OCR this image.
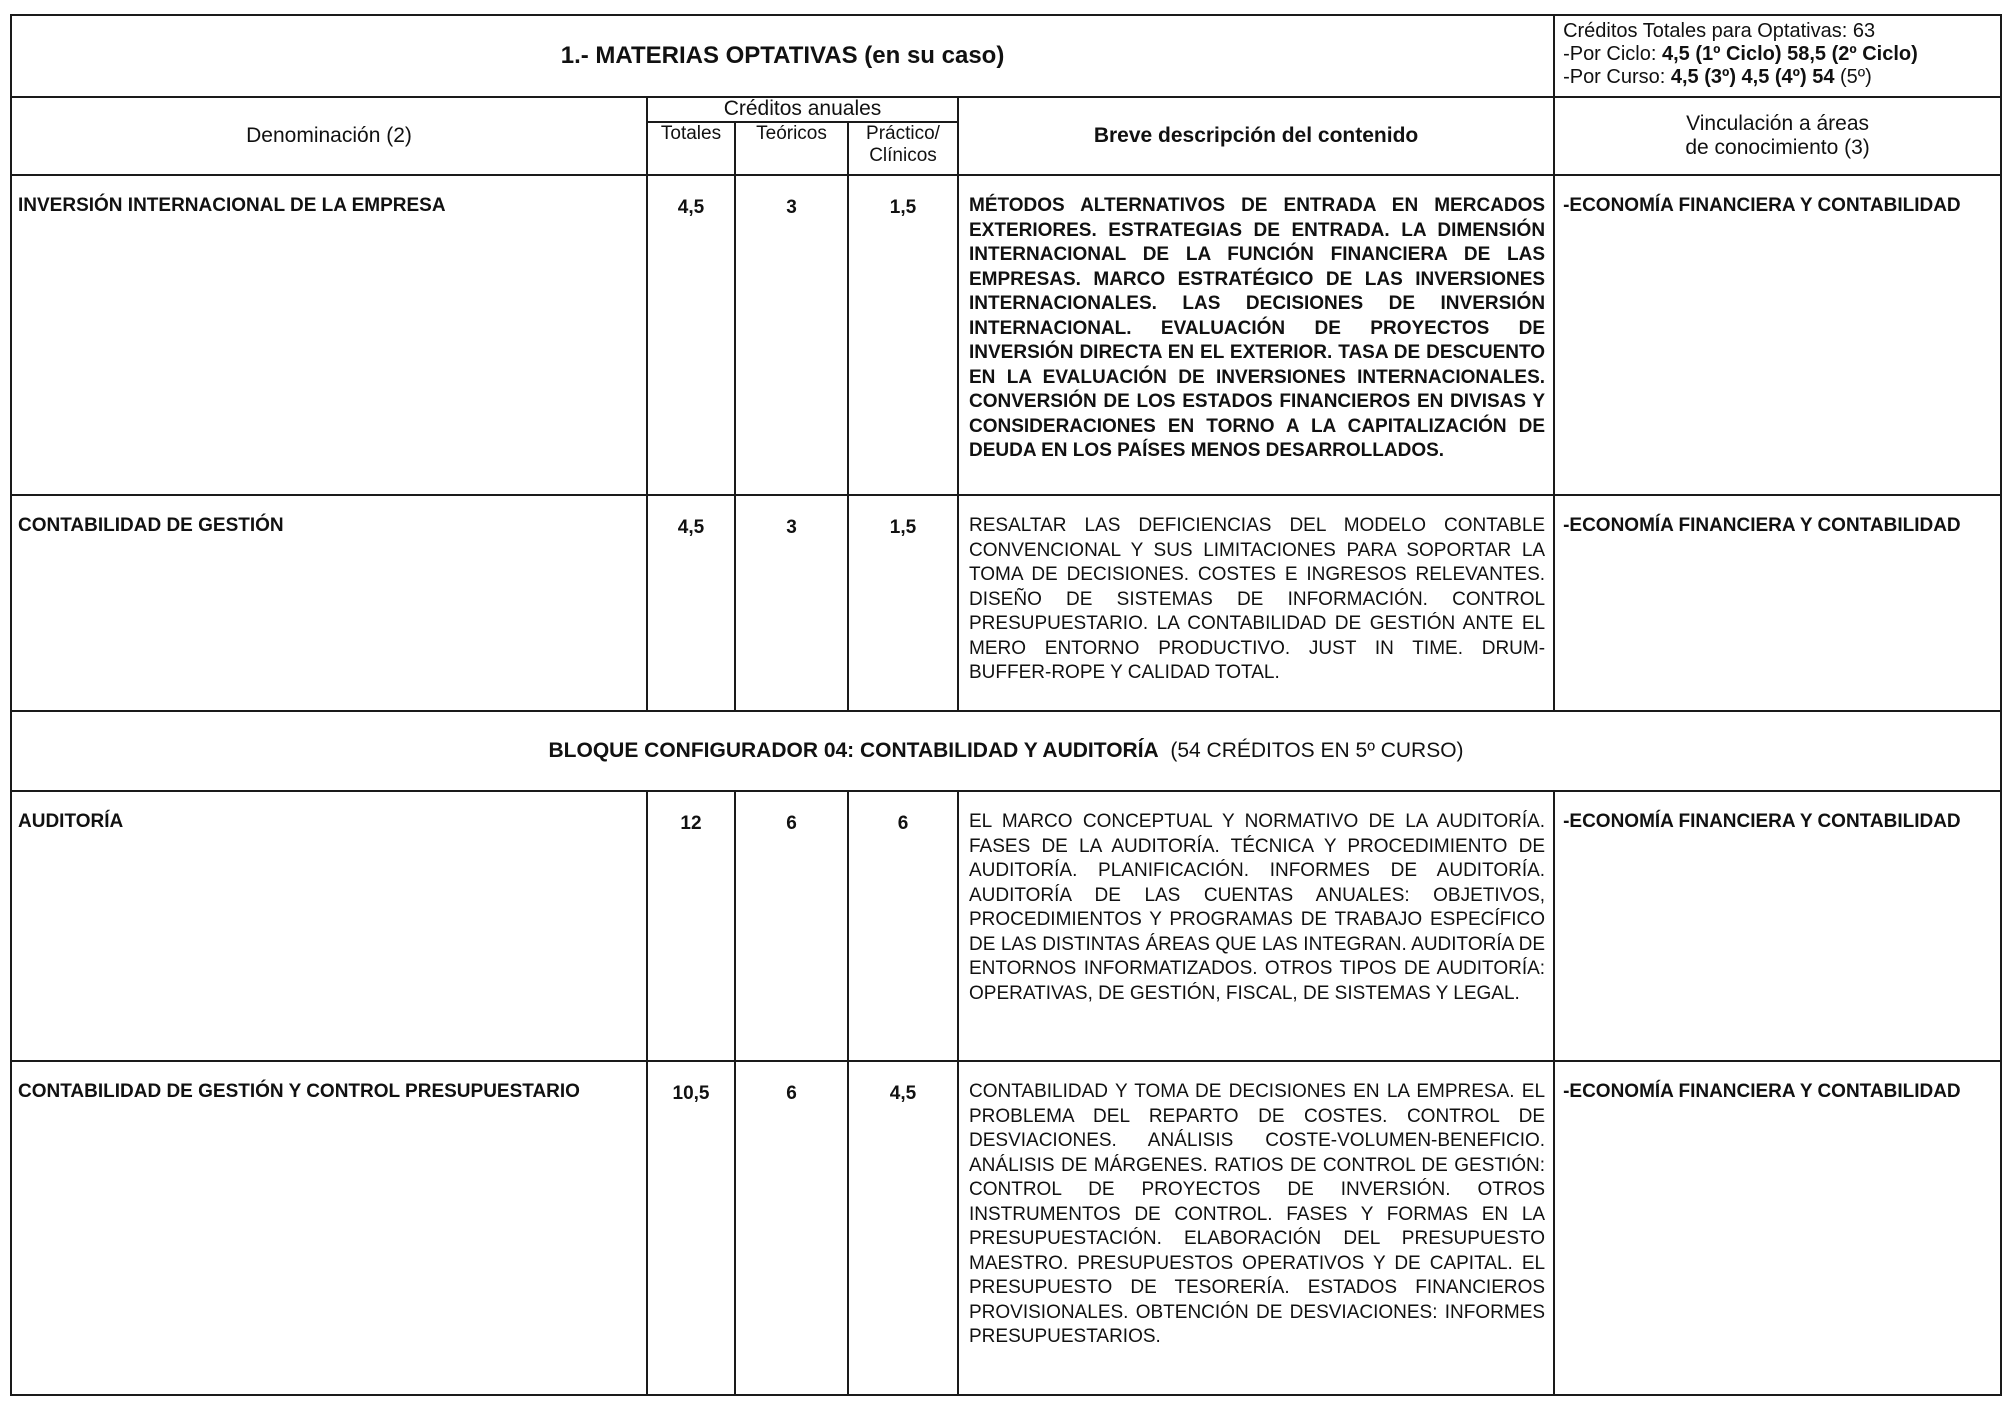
1.- MATERIAS OPTATIVAS (en su caso)					Créditos Totales para Optativas: 63
-Por Ciclo: 4,5 (1º Ciclo) 58,5 (2º Ciclo)
-Por Curso: 4,5 (3º) 4,5 (4º) 54 (5º)

Denominación (2)	Créditos anuales			Breve descripción del contenido	Vinculación a áreas
de conocimiento (3)

	Totales	Teóricos	Práctico/
Clínicos		

INVERSIÓN INTERNACIONAL DE LA EMPRESA	4,5	3	1,5	MÉTODOS ALTERNATIVOS DE ENTRADA EN MERCADOS EXTERIORES. ESTRATEGIAS DE ENTRADA. LA DIMENSIÓN INTERNACIONAL DE LA FUNCIÓN FINANCIERA DE LAS EMPRESAS. MARCO ESTRATÉGICO DE LAS INVERSIONES INTERNACIONALES. LAS DECISIONES DE INVERSIÓN INTERNACIONAL. EVALUACIÓN DE PROYECTOS DE INVERSIÓN DIRECTA EN EL EXTERIOR. TASA DE DESCUENTO EN LA EVALUACIÓN DE INVERSIONES INTERNACIONALES. CONVERSIÓN DE LOS ESTADOS FINANCIEROS EN DIVISAS Y CONSIDERACIONES EN TORNO A LA CAPITALIZACIÓN DE DEUDA EN LOS PAÍSES MENOS DESARROLLADOS.	-ECONOMÍA FINANCIERA Y CONTABILIDAD
CONTABILIDAD DE GESTIÓN	4,5	3	1,5	RESALTAR LAS DEFICIENCIAS DEL MODELO CONTABLE CONVENCIONAL Y SUS LIMITACIONES PARA SOPORTAR LA TOMA DE DECISIONES. COSTES E INGRESOS RELEVANTES. DISEÑO DE SISTEMAS DE INFORMACIÓN. CONTROL PRESUPUESTARIO. LA CONTABILIDAD DE GESTIÓN ANTE EL MERO ENTORNO PRODUCTIVO. JUST IN TIME. DRUM-BUFFER-ROPE Y CALIDAD TOTAL.	-ECONOMÍA FINANCIERA Y CONTABILIDAD
BLOQUE CONFIGURADOR 04: CONTABILIDAD Y AUDITORÍA  (54 CRÉDITOS EN 5º CURSO)					
AUDITORÍA	12	6	6	EL MARCO CONCEPTUAL Y NORMATIVO DE LA AUDITORÍA. FASES DE LA AUDITORÍA. TÉCNICA Y PROCEDIMIENTO DE AUDITORÍA. PLANIFICACIÓN. INFORMES DE AUDITORÍA. AUDITORÍA DE LAS CUENTAS ANUALES: OBJETIVOS, PROCEDIMIENTOS Y PROGRAMAS DE TRABAJO ESPECÍFICO DE LAS DISTINTAS ÁREAS QUE LAS INTEGRAN. AUDITORÍA DE ENTORNOS INFORMATIZADOS. OTROS TIPOS DE AUDITORÍA: OPERATIVAS, DE GESTIÓN, FISCAL, DE SISTEMAS Y LEGAL.	-ECONOMÍA FINANCIERA Y CONTABILIDAD
CONTABILIDAD DE GESTIÓN Y CONTROL PRESUPUESTARIO	10,5	6	4,5	CONTABILIDAD Y TOMA DE DECISIONES EN LA EMPRESA. EL PROBLEMA DEL REPARTO DE COSTES. CONTROL DE DESVIACIONES. ANÁLISIS COSTE-VOLUMEN-BENEFICIO. ANÁLISIS DE MÁRGENES. RATIOS DE CONTROL DE GESTIÓN: CONTROL DE PROYECTOS DE INVERSIÓN. OTROS INSTRUMENTOS DE CONTROL. FASES Y FORMAS EN LA PRESUPUESTACIÓN. ELABORACIÓN DEL PRESUPUESTO MAESTRO. PRESUPUESTOS OPERATIVOS Y DE CAPITAL. EL PRESUPUESTO DE TESORERÍA. ESTADOS FINANCIEROS PROVISIONALES. OBTENCIÓN DE DESVIACIONES: INFORMES PRESUPUESTARIOS.	-ECONOMÍA FINANCIERA Y CONTABILIDAD
